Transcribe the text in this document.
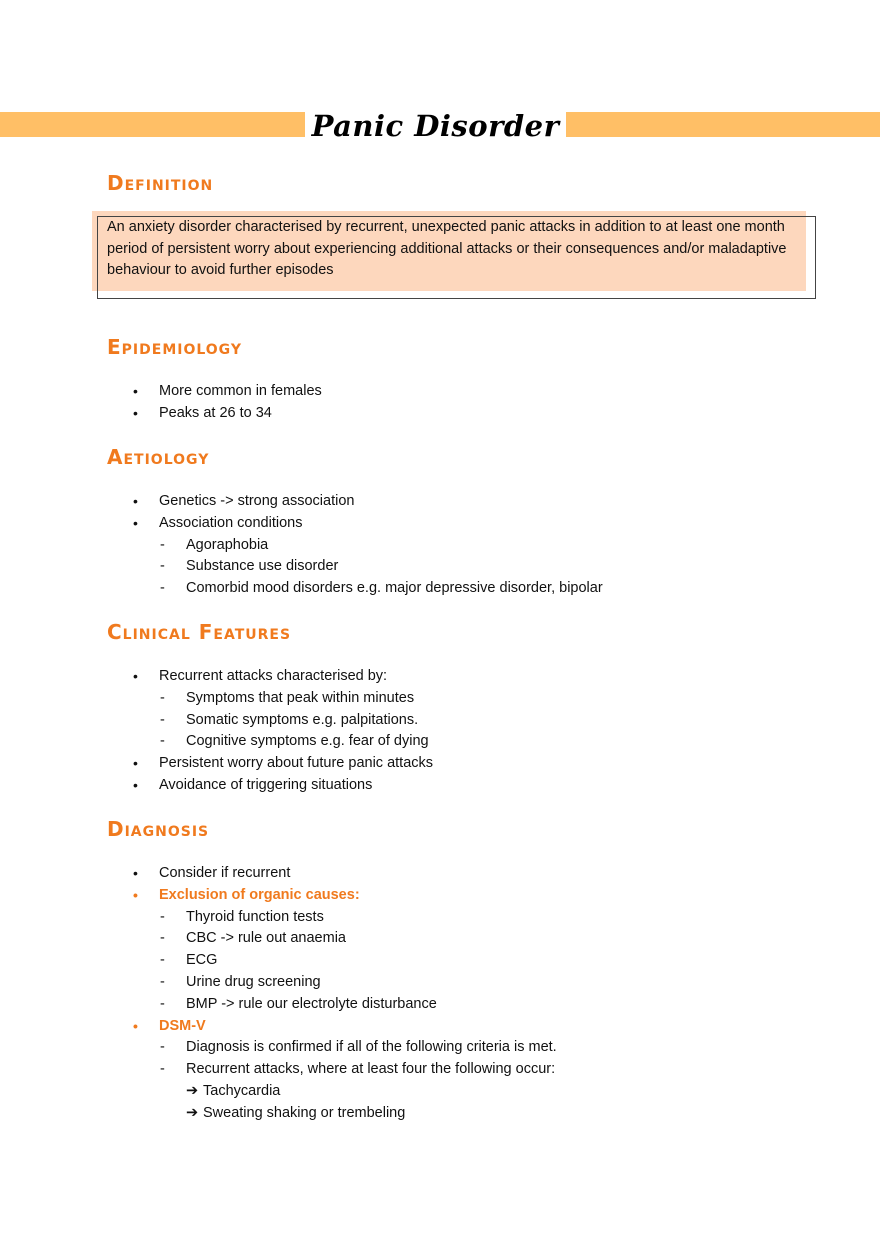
Panic Disorder
Definition
An anxiety disorder characterised by recurrent, unexpected panic attacks in addition to at least one month period of persistent worry about experiencing additional attacks or their consequences and/or maladaptive behaviour to avoid further episodes
Epidemiology
• More common in females
• Peaks at 26 to 34
Aetiology
• Genetics -> strong association
• Association conditions
- Agoraphobia
- Substance use disorder
- Comorbid mood disorders e.g. major depressive disorder, bipolar
Clinical Features
• Recurrent attacks characterised by:
- Symptoms that peak within minutes
- Somatic symptoms e.g. palpitations.
- Cognitive symptoms e.g. fear of dying
• Persistent worry about future panic attacks
• Avoidance of triggering situations
Diagnosis
• Consider if recurrent
• Exclusion of organic causes:
- Thyroid function tests
- CBC -> rule out anaemia
- ECG
- Urine drug screening
- BMP -> rule our electrolyte disturbance
• DSM-V
- Diagnosis is confirmed if all of the following criteria is met.
- Recurrent attacks, where at least four the following occur:
➔ Tachycardia
➔ Sweating shaking or trembeling
